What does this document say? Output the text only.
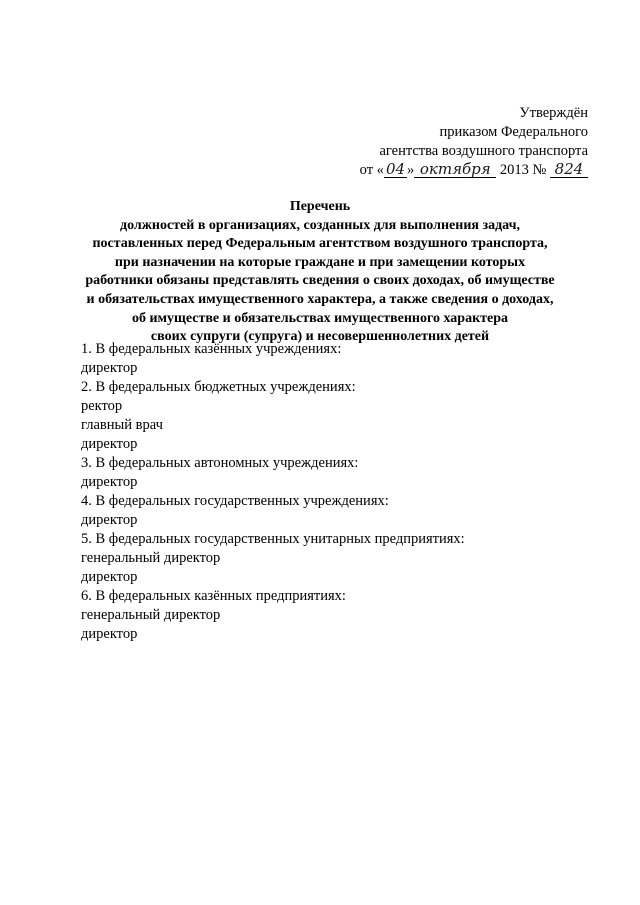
Утверждён
приказом Федерального
агентства воздушного транспорта
от « 04 » октября 2013 № 824
Перечень
должностей в организациях, созданных для выполнения задач,
поставленных перед Федеральным агентством воздушного транспорта,
при назначении на которые граждане и при замещении которых
работники обязаны представлять сведения о своих доходах, об имуществе
и обязательствах имущественного характера, а также сведения о доходах,
об имуществе и обязательствах имущественного характера
своих супруги (супруга) и несовершеннолетних детей
1. В федеральных казённых учреждениях:
директор
2. В федеральных бюджетных учреждениях:
ректор
главный врач
директор
3. В федеральных автономных учреждениях:
директор
4. В федеральных государственных учреждениях:
директор
5. В федеральных государственных унитарных предприятиях:
генеральный директор
директор
6. В федеральных казённых предприятиях:
генеральный директор
директор
